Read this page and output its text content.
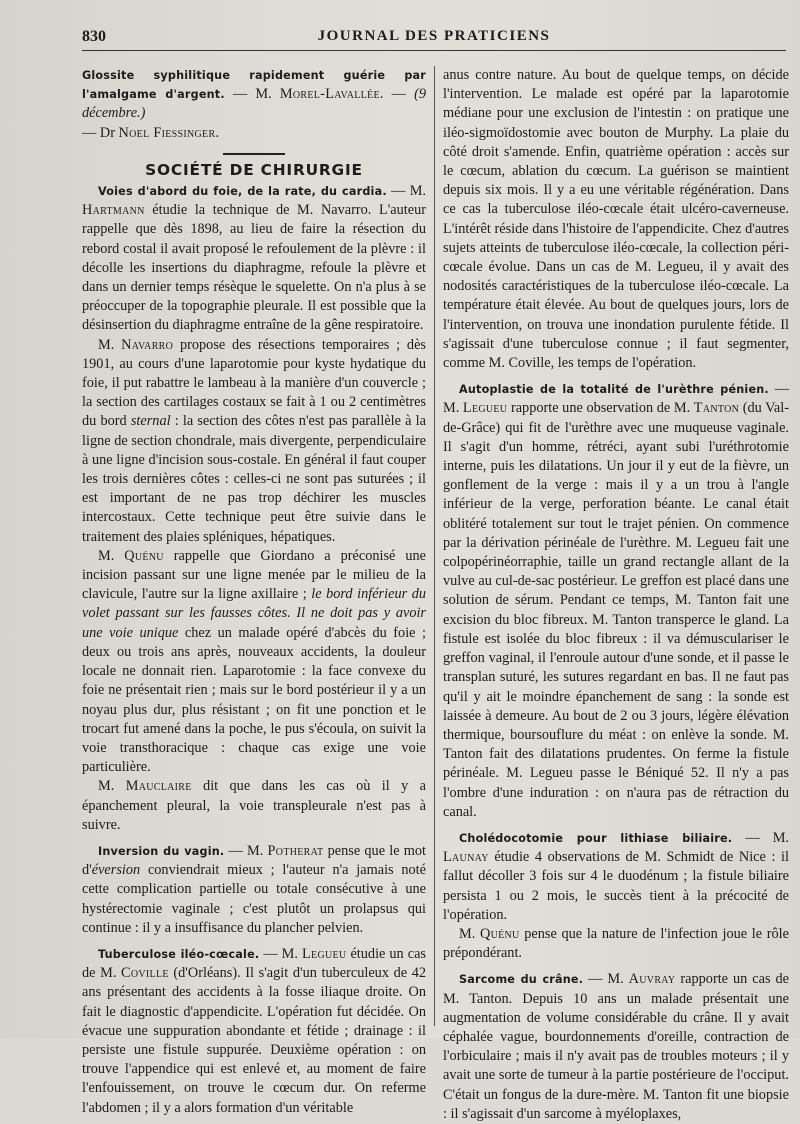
830	JOURNAL DES PRATICIENS

Glossite syphilitique rapidement guérie par l'amalgame d'argent. — M. Morel-Lavallée. — (9 décembre.)
— Dr Noel Fiessinger.

SOCIÉTÉ DE CHIRURGIE

Voies d'abord du foie, de la rate, du cardia. — M. Hartmann étudie la technique de M. Navarro. L'auteur rappelle que dès 1898, au lieu de faire la résection du rebord costal il avait proposé le refoulement de la plèvre : il décolle les insertions du diaphragme, refoule la plèvre et dans un dernier temps résèque le squelette. On n'a plus à se préoccuper de la topographie pleurale. Il est possible que la désinsertion du diaphragme entraîne de la gêne respiratoire.

M. Navarro propose des résections temporaires ; dès 1901, au cours d'une laparotomie pour kyste hydatique du foie, il put rabattre le lambeau à la manière d'un couvercle ; la section des cartilages costaux se fait à 1 ou 2 centimètres du bord sternal : la section des côtes n'est pas parallèle à la ligne de section chondrale, mais divergente, perpendiculaire à une ligne d'incision sous-costale. En général il faut couper les trois dernières côtes : celles-ci ne sont pas suturées ; il est important de ne pas trop déchirer les muscles intercostaux. Cette technique peut être suivie dans le traitement des plaies spléniques, hépatiques.

M. Quénu rappelle que Giordano a préconisé une incision passant sur une ligne menée par le milieu de la clavicule, l'autre sur la ligne axillaire ; le bord inférieur du volet passant sur les fausses côtes. Il ne doit pas y avoir une voie unique chez un malade opéré d'abcès du foie ; deux ou trois ans après, nouveaux accidents, la douleur locale ne donnait rien. Laparotomie : la face convexe du foie ne présentait rien ; mais sur le bord postérieur il y a un noyau plus dur, plus résistant ; on fit une ponction et le trocart fut amené dans la poche, le pus s'écoula, on suivit la voie transthoracique : chaque cas exige une voie particulière.

M. Mauclaire dit que dans les cas où il y a épanchement pleural, la voie transpleurale n'est pas à suivre.

Inversion du vagin. — M. Potherat pense que le mot d'éversion conviendrait mieux ; l'auteur n'a jamais noté cette complication partielle ou totale consécutive à une hystérectomie vaginale ; c'est plutôt un prolapsus qui continue : il y a insuffisance du plancher pelvien.

Tuberculose iléo-cœcale. — M. Legueu étudie un cas de M. Coville (d'Orléans). Il s'agit d'un tuberculeux de 42 ans présentant des accidents à la fosse iliaque droite. On fait le diagnostic d'appendicite. L'opération fut décidée. On évacue une suppuration abondante et fétide ; drainage : il persiste une fistule suppurée. Deuxième opération : on trouve l'appendice qui est enlevé et, au moment de faire l'enfouissement, on trouve le cœcum dur. On referme l'abdomen ; il y a alors formation d'un véritable

anus contre nature. Au bout de quelque temps, on décide l'intervention. Le malade est opéré par la laparotomie médiane pour une exclusion de l'intestin : on pratique une iléo-sigmoïdostomie avec bouton de Murphy. La plaie du côté droit s'amende. Enfin, quatrième opération : accès sur le cœcum, ablation du cœcum. La guérison se maintient depuis six mois. Il y a eu une véritable régénération. Dans ce cas la tuberculose iléo-cœcale était ulcéro-caverneuse. L'intérêt réside dans l'histoire de l'appendicite. Chez d'autres sujets atteints de tuberculose iléo-cœcale, la collection péri-cœcale évolue. Dans un cas de M. Legueu, il y avait des nodosités caractéristiques de la tuberculose iléo-cœcale. La température était élevée. Au bout de quelques jours, lors de l'intervention, on trouva une inondation purulente fétide. Il s'agissait d'une tuberculose connue ; il faut segmenter, comme M. Coville, les temps de l'opération.

Autoplastie de la totalité de l'urèthre pénien. — M. Legueu rapporte une observation de M. Tanton (du Val-de-Grâce) qui fit de l'urèthre avec une muqueuse vaginale. Il s'agit d'un homme, rétréci, ayant subi l'uréthrotomie interne, puis les dilatations. Un jour il y eut de la fièvre, un gonflement de la verge : mais il y a un trou à l'angle inférieur de la verge, perforation béante. Le canal était oblitéré totalement sur tout le trajet pénien. On commence par la dérivation périnéale de l'urèthre. M. Legueu fait une colpopérinéorraphie, taille un grand rectangle allant de la vulve au cul-de-sac postérieur. Le greffon est placé dans une solution de sérum. Pendant ce temps, M. Tanton fait une excision du bloc fibreux. M. Tanton transperce le gland. La fistule est isolée du bloc fibreux : il va démusculariser le greffon vaginal, il l'enroule autour d'une sonde, et il passe le transplan suturé, les sutures regardant en bas. Il ne faut pas qu'il y ait le moindre épanchement de sang : la sonde est laissée à demeure. Au bout de 2 ou 3 jours, légère élévation thermique, boursouflure du méat : on enlève la sonde. M. Tanton fait des dilatations prudentes. On ferme la fistule périnéale. M. Legueu passe le Béniqué 52. Il n'y a pas l'ombre d'une induration : on n'aura pas de rétraction du canal.

Cholédocotomie pour lithiase biliaire. — M. Launay étudie 4 observations de M. Schmidt de Nice : il fallut décoller 3 fois sur 4 le duodénum ; la fistule biliaire persista 1 ou 2 mois, le succès tient à la précocité de l'opération.

M. Quénu pense que la nature de l'infection joue le rôle prépondérant.

Sarcome du crâne. — M. Auvray rapporte un cas de M. Tanton. Depuis 10 ans un malade présentait une augmentation de volume considérable du crâne. Il y avait céphalée vague, bourdonnements d'oreille, contraction de l'orbiculaire ; mais il n'y avait pas de troubles moteurs ; il y avait une sorte de tumeur à la partie postérieure de l'occiput. C'était un fongus de la dure-mère. M. Tanton fit une biopsie : il s'agissait d'un sarcome à myéloplaxes,
